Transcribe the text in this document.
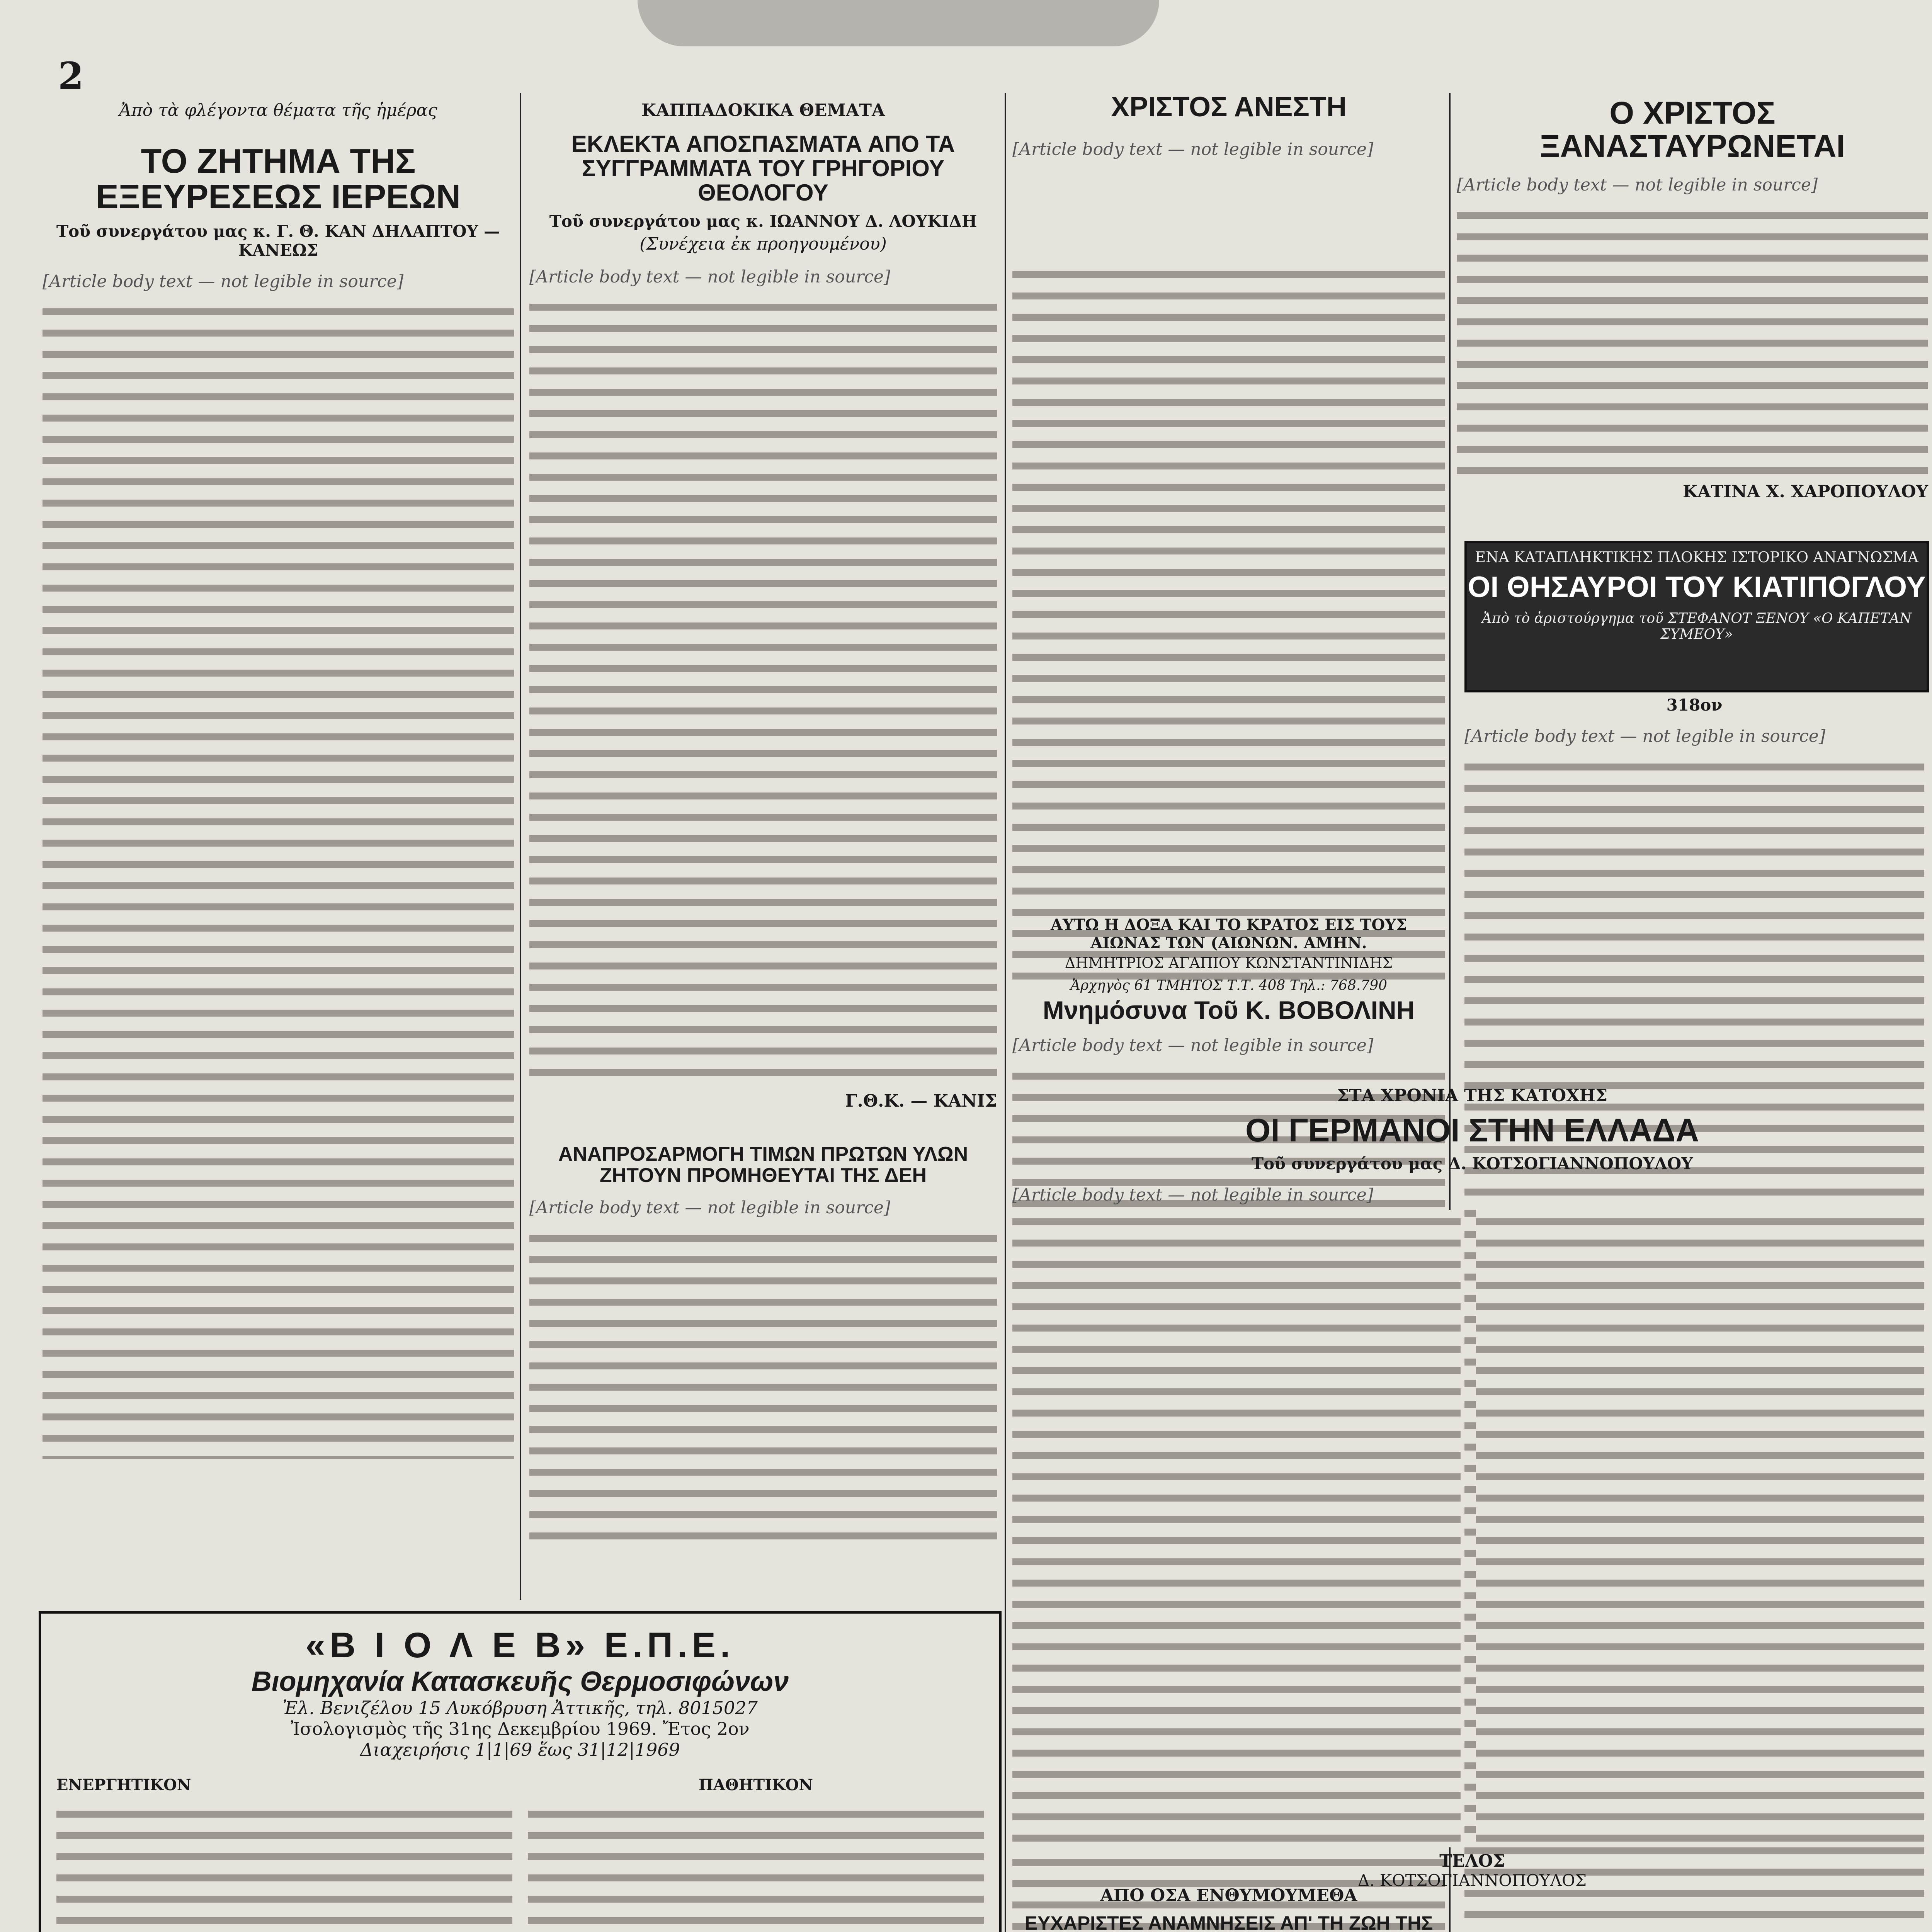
2
Ἀπὸ τὰ φλέγοντα θέματα τῆς ἡμέρας
ΤΟ ΖΗΤΗΜΑ ΤΗΣ ΕΞΕΥΡΕΣΕΩΣ ΙΕΡΕΩΝ
Τοῦ συνεργάτου μας κ. Γ. Θ. ΚΑΝ ΔΗΛΑΠΤΟΥ — ΚΑΝΕΩΣ
[Article body text — not legible in source]
ΚΑΠΠΑΔΟΚΙΚΑ ΘΕΜΑΤΑ
ΕΚΛΕΚΤΑ ΑΠΟΣΠΑΣΜΑΤΑ ΑΠΟ ΤΑ ΣΥΓΓΡΑΜΜΑΤΑ ΤΟΥ ΓΡΗΓΟΡΙΟΥ ΘΕΟΛΟΓΟΥ
Τοῦ συνεργάτου μας κ. ΙΩΑΝΝΟΥ Δ. ΛΟΥΚΙΔΗ
(Συνέχεια ἐκ προηγουμένου)
[Article body text — not legible in source]
Γ.Θ.Κ. — ΚΑΝΙΣ
ΑΝΑΠΡΟΣΑΡΜΟΓΗ ΤΙΜΩΝ ΠΡΩΤΩΝ ΥΛΩΝ ΖΗΤΟΥΝ ΠΡΟΜΗΘΕΥΤΑΙ ΤΗΣ ΔΕΗ
[Article body text — not legible in source]
Μνημόσυνα Τοῦ Κ. ΒΟΒΟΛΙΝΗ
[Article body text — not legible in source]
ΧΡΙΣΤΟΣ ΑΝΕΣΤΗ	Ο ΧΡΙΣΤΟΣ ΞΑΝΑΣΤΑΥΡΩΝΕΤΑΙ
[Article body text — not legible in source]
ΚΑΤΙΝΑ Χ. ΧΑΡΟΠΟΥΛΟΥ
[Article body text — not legible in source]
ΕΝΑ ΚΑΤΑΠΛΗΚΤΙΚΗΣ ΠΛΟΚΗΣ ΙΣΤΟΡΙΚΟ ΑΝΑΓΝΩΣΜΑ
ΟΙ ΘΗΣΑΥΡΟΙ ΤΟΥ ΚΙΑΤΙΠΟΓΛΟΥ
Ἀπὸ τὸ ἀριστούργημα τοῦ ΣΤΕΦΑΝΟΤ ΞΕΝΟΥ «Ο ΚΑΠΕΤΑΝ ΣΥΜΕΟΥ»
318ον
[Article body text — not legible in source]
«Β Ι Ο Λ Ε Β» Ε.Π.Ε.
Βιομηχανία Κατασκευῆς Θερμοσιφώνων
Ἐλ. Βενιζέλου 15 Λυκόβρυση Ἀττικῆς, τηλ. 8015027
Ἰσολογισμὸς τῆς 31ης Δεκεμβρίου 1969. Ἔτος 2ον
Διαχειρήσις 1|1|69 ἕως 31|12|1969
ΕΝΕΡΓΗΤΙΚΟΝ	ΠΑΘΗΤΙΚΟΝ
ΑΥΤΩ Η ΔΟΞΑ ΚΑΙ ΤΟ ΚΡΑΤΟΣ ΕΙΣ ΤΟΥΣ ΑΙΩΝΑΣ ΤΩΝ (ΑΙΩΝΩΝ. ΑΜΗΝ.
ΔΗΜΗΤΡΙΟΣ ΑΓΑΠΙΟΥ ΚΩΝΣΤΑΝΤΙΝΙΔΗΣ
Ἀρχηγὸς 61 ΤΜΗΤΟΣ Τ.Τ. 408 Τηλ.: 768.790
ΣΤΑ ΧΡΟΝΙΑ ΤΗΣ ΚΑΤΟΧΗΣ
ΟΙ ΓΕΡΜΑΝΟΙ ΣΤΗΝ ΕΛΛΑΔΑ
Τοῦ συνεργάτου μας Δ. ΚΟΤΣΟΓΙΑΝΝΟΠΟΥΛΟΥ
[Article body text — not legible in source]
ΤΕΛΟΣ
Δ. ΚΟΤΣΟΓΙΑΝΝΟΠΟΥΛΟΣ
ΑΠΟ ΟΣΑ ΕΝΘΥΜΟΥΜΕΘΑ
ΕΥΧΑΡΙΣΤΕΣ ΑΝΑΜΝΗΣΕΙΣ ΑΠ' ΤΗ ΖΩΗ ΤΗΣ
